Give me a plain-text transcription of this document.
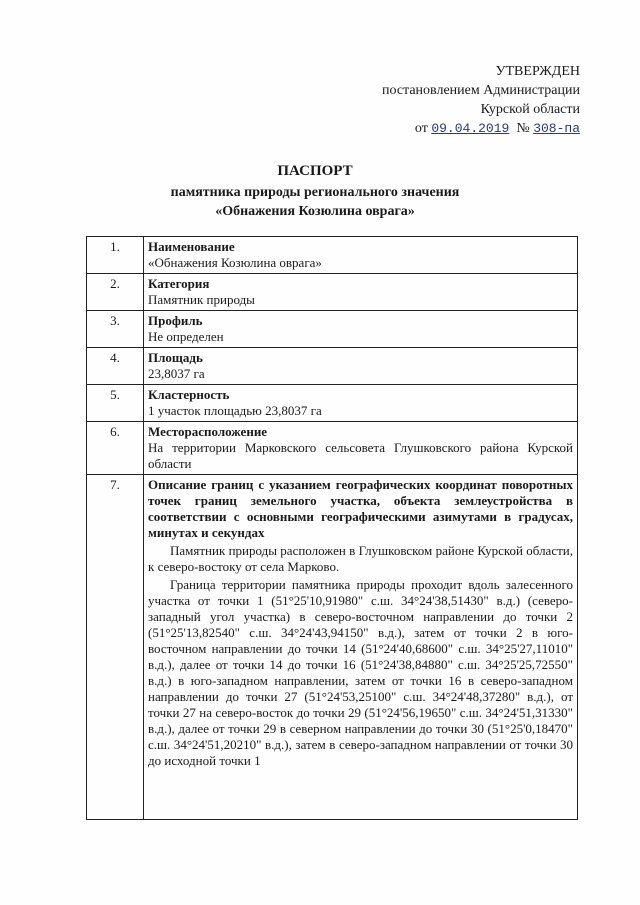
УТВЕРЖДЕН
постановлением Администрации
Курской области
от 09.04.2019 № 308-па
ПАСПОРТ
памятника природы регионального значения
«Обнажения Козюлина оврага»
1.	Наименование
«Обнажения Козюлина оврага»

2.	Категория
Памятник природы

3.	Профиль
Не определен

4.	Площадь
23,8037 га

5.	Кластерность
1 участок площадью 23,8037 га

6.	Месторасположение
На территории Марковского сельсовета Глушковского района Курской области

7.	Описание границ с указанием географических координат поворотных точек границ земельного участка, объекта землеустройства в соответствии с основными географическими азимутами в градусах, минутах и секундах

Памятник природы расположен в Глушковском районе Курской области, к северо-востоку от села Марково.

Граница территории памятника природы проходит вдоль залесенного участка от точки 1 (51°25'10,91980" с.ш. 34°24'38,51430" в.д.) (северо-западный угол участка) в северо-восточном направлении до точки 2 (51°25'13,82540" с.ш. 34°24'43,94150" в.д.), затем от точки 2 в юго-восточном направлении до точки 14 (51°24'40,68600" с.ш. 34°25'27,11010" в.д.), далее от точки 14 до точки 16 (51°24'38,84880" с.ш. 34°25'25,72550" в.д.) в юго-западном направлении, затем от точки 16 в северо-западном направлении до точки 27 (51°24'53,25100" с.ш. 34°24'48,37280" в.д.), от точки 27 на северо-восток до точки 29 (51°24'56,19650" с.ш. 34°24'51,31330" в.д.), далее от точки 29 в северном направлении до точки 30 (51°25'0,18470" с.ш. 34°24'51,20210" в.д.), затем в северо-западном направлении от точки 30 до исходной точки 1
